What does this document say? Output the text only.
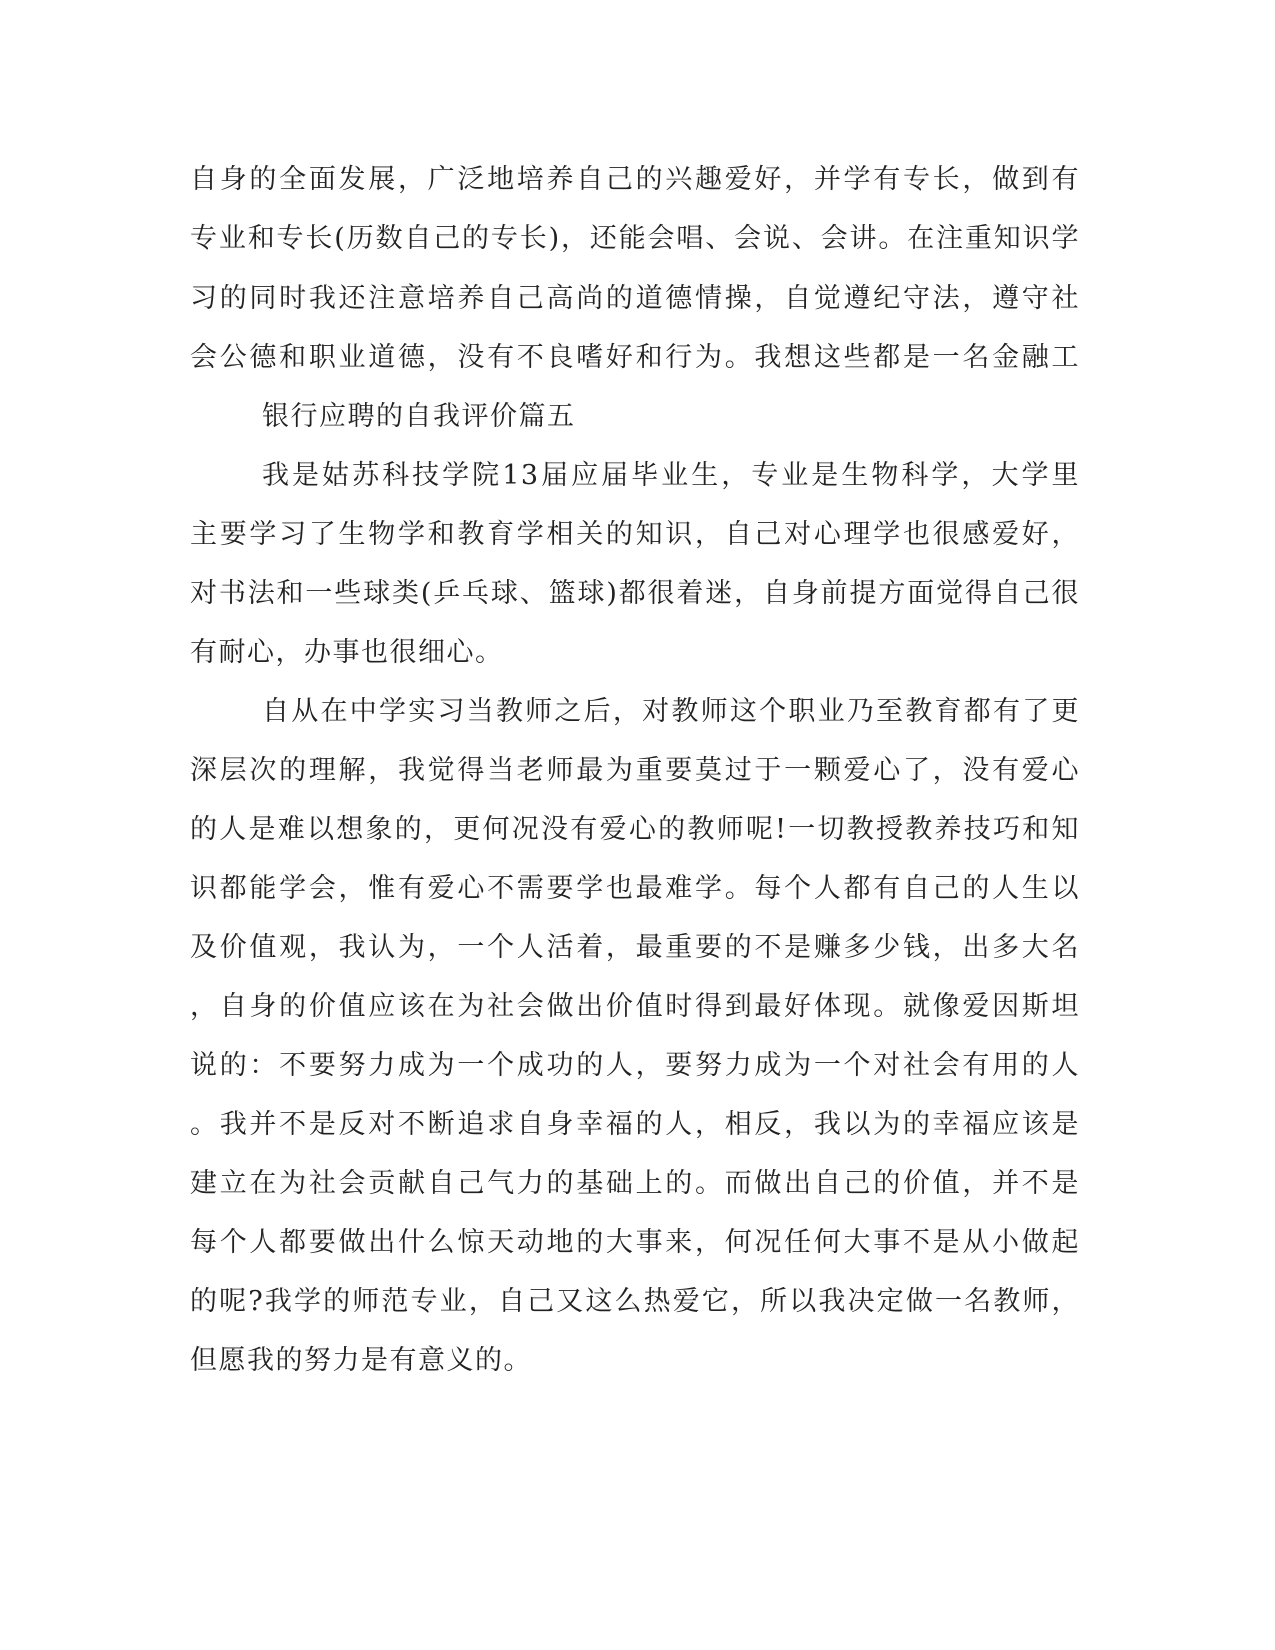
自身的全面发展，广泛地培养自己的兴趣爱好，并学有专长，做到有
专业和专长(历数自己的专长)，还能会唱、会说、会讲。在注重知识学
习的同时我还注意培养自己高尚的道德情操，自觉遵纪守法，遵守社
会公德和职业道德，没有不良嗜好和行为。我想这些都是一名金融工
银行应聘的自我评价篇五
我是姑苏科技学院13届应届毕业生，专业是生物科学，大学里
主要学习了生物学和教育学相关的知识，自己对心理学也很感爱好，
对书法和一些球类(乒乓球、篮球)都很着迷，自身前提方面觉得自己很
有耐心，办事也很细心。
自从在中学实习当教师之后，对教师这个职业乃至教育都有了更
深层次的理解，我觉得当老师最为重要莫过于一颗爱心了，没有爱心
的人是难以想象的，更何况没有爱心的教师呢!一切教授教养技巧和知
识都能学会，惟有爱心不需要学也最难学。每个人都有自己的人生以
及价值观，我认为，一个人活着，最重要的不是赚多少钱，出多大名
，自身的价值应该在为社会做出价值时得到最好体现。就像爱因斯坦
说的：不要努力成为一个成功的人，要努力成为一个对社会有用的人
。我并不是反对不断追求自身幸福的人，相反，我以为的幸福应该是
建立在为社会贡献自己气力的基础上的。而做出自己的价值，并不是
每个人都要做出什么惊天动地的大事来，何况任何大事不是从小做起
的呢?我学的师范专业，自己又这么热爱它，所以我决定做一名教师，
但愿我的努力是有意义的。
